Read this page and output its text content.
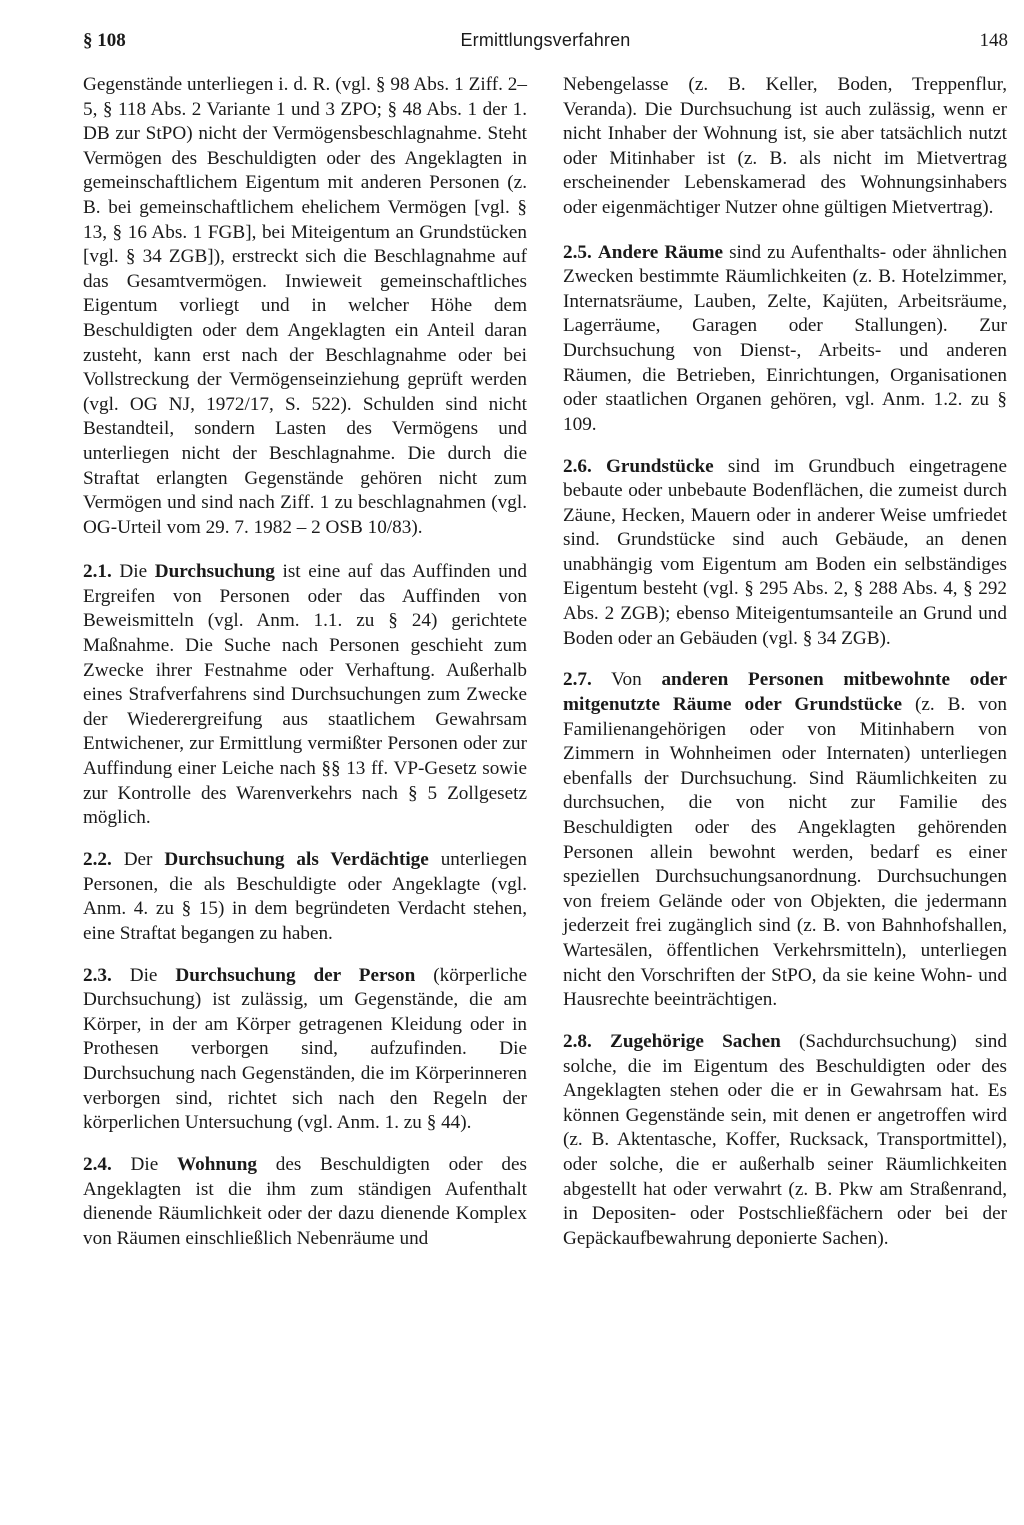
§ 108	Ermittlungsverfahren	148

Gegenstände unterliegen i. d. R. (vgl. § 98 Abs. 1 Ziff. 2–5, § 118 Abs. 2 Variante 1 und 3 ZPO; § 48 Abs. 1 der 1. DB zur StPO) nicht der Vermögensbeschlagnahme. Steht Vermögen des Beschuldigten oder des Angeklagten in gemeinschaftlichem Eigentum mit anderen Personen (z. B. bei gemeinschaftlichem ehelichem Vermögen [vgl. § 13, § 16 Abs. 1 FGB], bei Miteigentum an Grundstücken [vgl. § 34 ZGB]), erstreckt sich die Beschlagnahme auf das Gesamtvermögen. Inwieweit gemeinschaftliches Eigentum vorliegt und in welcher Höhe dem Beschuldigten oder dem Angeklagten ein Anteil daran zusteht, kann erst nach der Beschlagnahme oder bei Vollstreckung der Vermögenseinziehung geprüft werden (vgl. OG NJ, 1972/17, S. 522). Schulden sind nicht Bestandteil, sondern Lasten des Vermögens und unterliegen nicht der Beschlagnahme. Die durch die Straftat erlangten Gegenstände gehören nicht zum Vermögen und sind nach Ziff. 1 zu beschlagnahmen (vgl. OG-Urteil vom 29. 7. 1982 – 2 OSB 10/83).

2.1. Die Durchsuchung ist eine auf das Auffinden und Ergreifen von Personen oder das Auffinden von Beweismitteln (vgl. Anm. 1.1. zu § 24) gerichtete Maßnahme. Die Suche nach Personen geschieht zum Zwecke ihrer Festnahme oder Verhaftung. Außerhalb eines Strafverfahrens sind Durchsuchungen zum Zwecke der Wiederergreifung aus staatlichem Gewahrsam Entwichener, zur Ermittlung vermißter Personen oder zur Auffindung einer Leiche nach §§ 13 ff. VP-Gesetz sowie zur Kontrolle des Warenverkehrs nach § 5 Zollgesetz möglich.

2.2. Der Durchsuchung als Verdächtige unterliegen Personen, die als Beschuldigte oder Angeklagte (vgl. Anm. 4. zu § 15) in dem begründeten Verdacht stehen, eine Straftat begangen zu haben.

2.3. Die Durchsuchung der Person (körperliche Durchsuchung) ist zulässig, um Gegenstände, die am Körper, in der am Körper getragenen Kleidung oder in Prothesen verborgen sind, aufzufinden. Die Durchsuchung nach Gegenständen, die im Körperinneren verborgen sind, richtet sich nach den Regeln der körperlichen Untersuchung (vgl. Anm. 1. zu § 44).

2.4. Die Wohnung des Beschuldigten oder des Angeklagten ist die ihm zum ständigen Aufenthalt dienende Räumlichkeit oder der dazu dienende Komplex von Räumen einschließlich Nebenräume und

Nebengelasse (z. B. Keller, Boden, Treppenflur, Veranda). Die Durchsuchung ist auch zulässig, wenn er nicht Inhaber der Wohnung ist, sie aber tatsächlich nutzt oder Mitinhaber ist (z. B. als nicht im Mietvertrag erscheinender Lebenskamerad des Wohnungsinhabers oder eigenmächtiger Nutzer ohne gültigen Mietvertrag).

2.5. Andere Räume sind zu Aufenthalts- oder ähnlichen Zwecken bestimmte Räumlichkeiten (z. B. Hotelzimmer, Internatsräume, Lauben, Zelte, Kajüten, Arbeitsräume, Lagerräume, Garagen oder Stallungen). Zur Durchsuchung von Dienst-, Arbeits- und anderen Räumen, die Betrieben, Einrichtungen, Organisationen oder staatlichen Organen gehören, vgl. Anm. 1.2. zu § 109.

2.6. Grundstücke sind im Grundbuch eingetragene bebaute oder unbebaute Bodenflächen, die zumeist durch Zäune, Hecken, Mauern oder in anderer Weise umfriedet sind. Grundstücke sind auch Gebäude, an denen unabhängig vom Eigentum am Boden ein selbständiges Eigentum besteht (vgl. § 295 Abs. 2, § 288 Abs. 4, § 292 Abs. 2 ZGB); ebenso Miteigentumsanteile an Grund und Boden oder an Gebäuden (vgl. § 34 ZGB).

2.7. Von anderen Personen mitbewohnte oder mitgenutzte Räume oder Grundstücke (z. B. von Familienangehörigen oder von Mitinhabern von Zimmern in Wohnheimen oder Internaten) unterliegen ebenfalls der Durchsuchung. Sind Räumlichkeiten zu durchsuchen, die von nicht zur Familie des Beschuldigten oder des Angeklagten gehörenden Personen allein bewohnt werden, bedarf es einer speziellen Durchsuchungsanordnung. Durchsuchungen von freiem Gelände oder von Objekten, die jedermann jederzeit frei zugänglich sind (z. B. von Bahnhofshallen, Wartesälen, öffentlichen Verkehrsmitteln), unterliegen nicht den Vorschriften der StPO, da sie keine Wohn- und Hausrechte beeinträchtigen.

2.8. Zugehörige Sachen (Sachdurchsuchung) sind solche, die im Eigentum des Beschuldigten oder des Angeklagten stehen oder die er in Gewahrsam hat. Es können Gegenstände sein, mit denen er angetroffen wird (z. B. Aktentasche, Koffer, Rucksack, Transportmittel), oder solche, die er außerhalb seiner Räumlichkeiten abgestellt hat oder verwahrt (z. B. Pkw am Straßenrand, in Depositen- oder Postschließfächern oder bei der Gepäckaufbewahrung deponierte Sachen).
